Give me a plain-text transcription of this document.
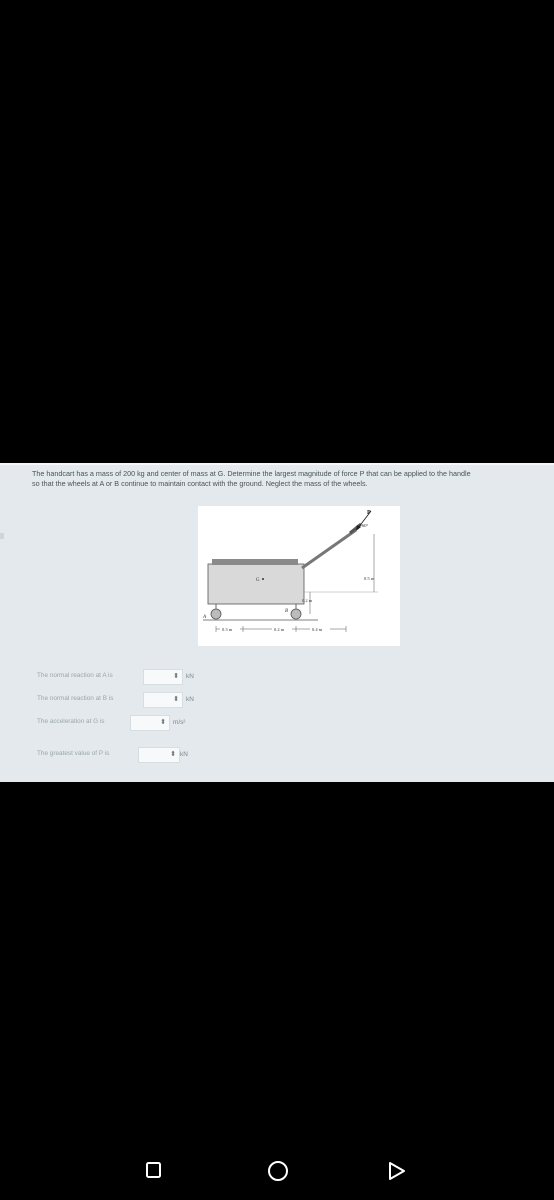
The handcart has a mass of 200 kg and center of mass at G. Determine the largest magnitude of force P that can be applied to the handle

so that the wheels at A or B continue to maintain contact with the ground. Neglect the mass of the wheels.

P
60°
G
A
B
0.2 m
0.5 m
0.3 m	0.2 m	0.4 m
The normal reaction at A is	⬍ kN
The normal reaction at B is	⬍ kN
The acceleration at G is	⬍ m/s²
The greatest value of P is	⬍ kN
